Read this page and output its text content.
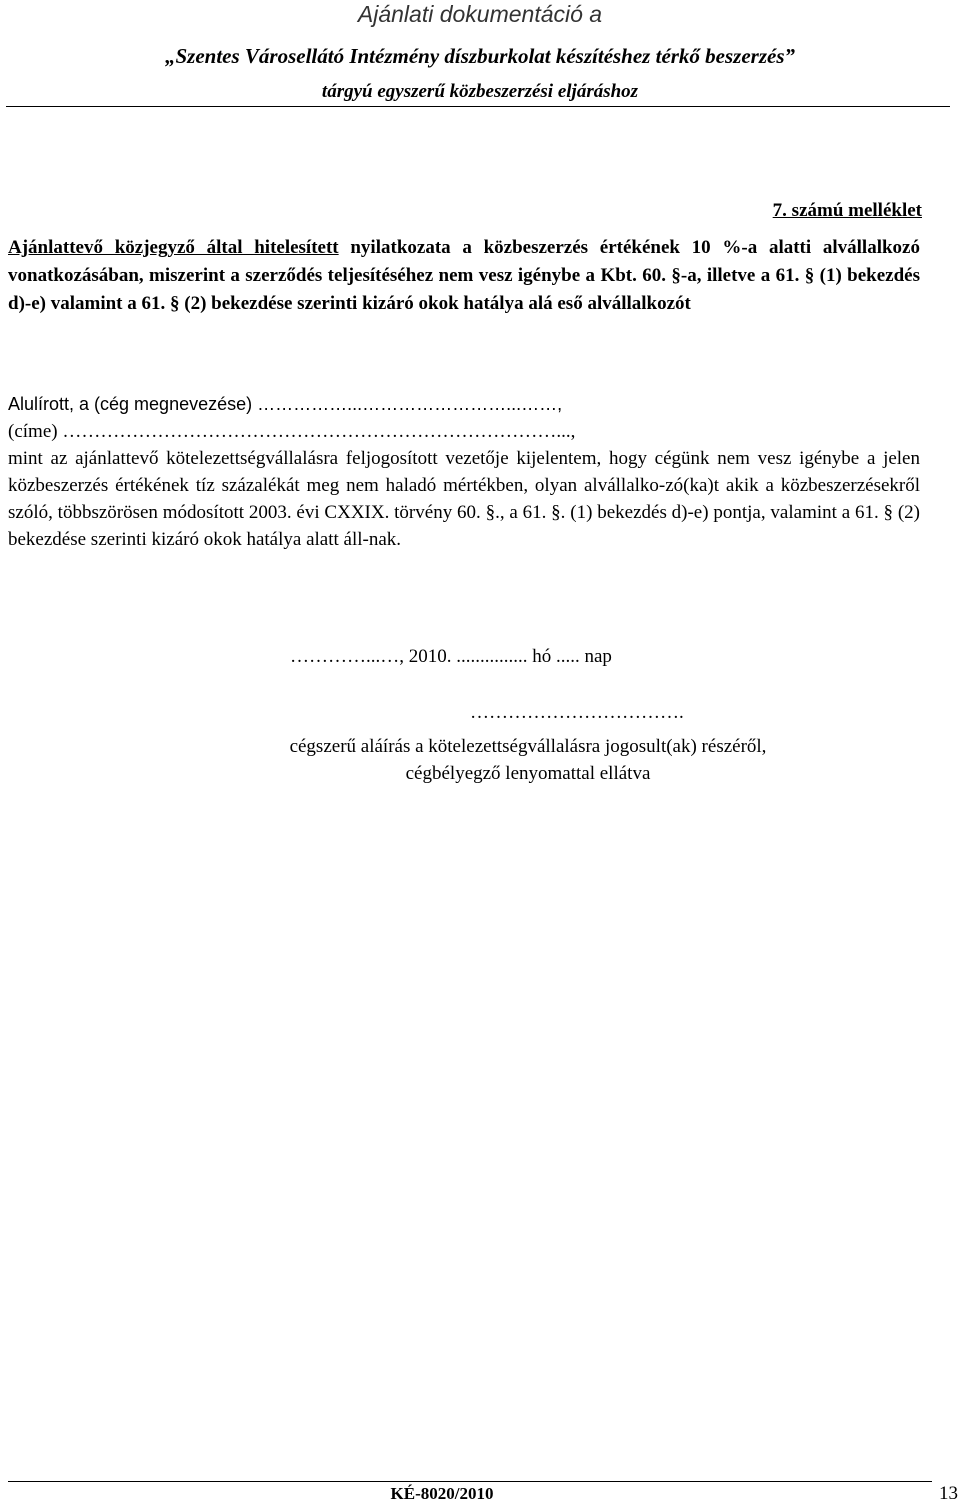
Ajánlati dokumentáció a
„Szentes Városellátó Intézmény díszburkolat készítéshez térkő beszerzés”
tárgyú egyszerű közbeszerzési eljáráshoz
7. számú melléklet
Ajánlattevő közjegyző által hitelesített nyilatkozata a közbeszerzés értékének 10 %-a alatti alvállalkozó vonatkozásában, miszerint a szerződés teljesítéséhez nem vesz igénybe a Kbt. 60. §-a, illetve a 61. § (1) bekezdés d)-e) valamint a 61. § (2) bekezdése szerinti kizáró okok hatálya alá eső alvállalkozót
Alulírott, a (cég megnevezése) ……………...……………………...……,
(címe) ……………………………………………………………………...,
mint az ajánlattevő kötelezettségvállalásra feljogosított vezetője kijelentem, hogy cégünk nem vesz igénybe a jelen közbeszerzés értékének tíz százalékát meg nem haladó mértékben, olyan alvállalko-zó(ka)t akik a közbeszerzésekről szóló, többszörösen módosított 2003. évi CXXIX. törvény 60. §., a 61. §. (1) bekezdés d)-e) pontja, valamint a 61. § (2) bekezdése szerinti kizáró okok hatálya alatt áll-nak.
…………...…, 2010. ............... hó ..... nap
…………………………….
cégszerű aláírás a kötelezettségvállalásra jogosult(ak) részéről,
cégbélyegző lenyomattal ellátva
KÉ-8020/2010	13
